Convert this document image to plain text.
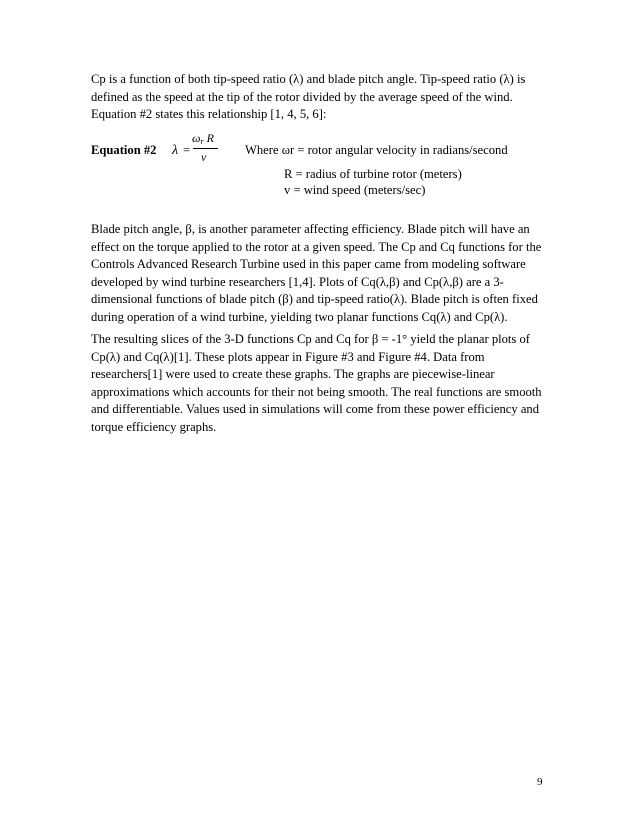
Cp is a function of both tip-speed ratio (λ) and blade pitch angle. Tip-speed ratio (λ) is defined as the speed at the tip of the rotor divided by the average speed of the wind. Equation #2 states this relationship [1, 4, 5, 6]:

Equation #2 λ =
$\omega_r$ R
v	Where ωr = rotor angular velocity in radians/second
R = radius of turbine rotor (meters)
v = wind speed (meters/sec)

Blade pitch angle, β, is another parameter affecting efficiency. Blade pitch will have an effect on the torque applied to the rotor at a given speed. The Cp and Cq functions for the Controls Advanced Research Turbine used in this paper came from modeling software developed by wind turbine researchers [1,4]. Plots of Cq(λ,β) and Cp(λ,β) are a 3-dimensional functions of blade pitch (β) and tip-speed ratio(λ). Blade pitch is often fixed during operation of a wind turbine, yielding two planar functions Cq(λ) and Cp(λ).

The resulting slices of the 3-D functions Cp and Cq for β = -1° yield the planar plots of Cp(λ) and Cq(λ)[1]. These plots appear in Figure #3 and Figure #4. Data from researchers[1] were used to create these graphs. The graphs are piecewise-linear approximations which accounts for their not being smooth. The real functions are smooth and differentiable. Values used in simulations will come from these power efficiency and torque efficiency graphs.

9
